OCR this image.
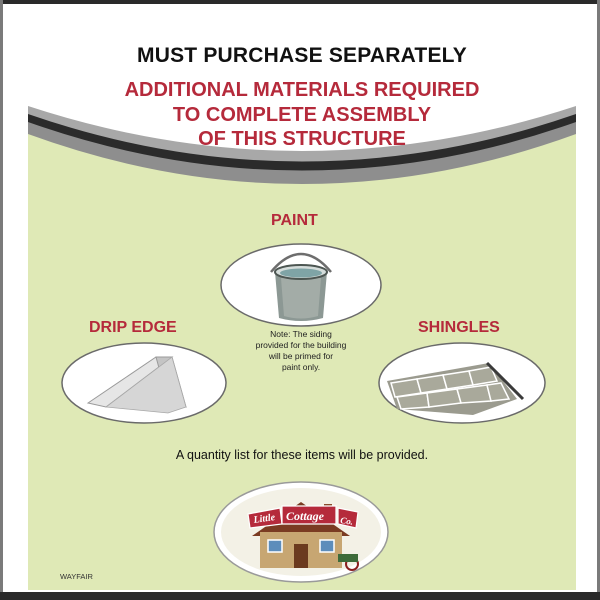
MUST PURCHASE SEPARATELY
ADDITIONAL MATERIALS REQUIRED
TO COMPLETE ASSEMBLY
OF THIS STRUCTURE
PAINT
DRIP EDGE	SHINGLES
Note: The siding
provided for the building
will be primed for
paint only.
A quantity list for these items will be provided.
Little Cottage Co.
WAYFAIR
